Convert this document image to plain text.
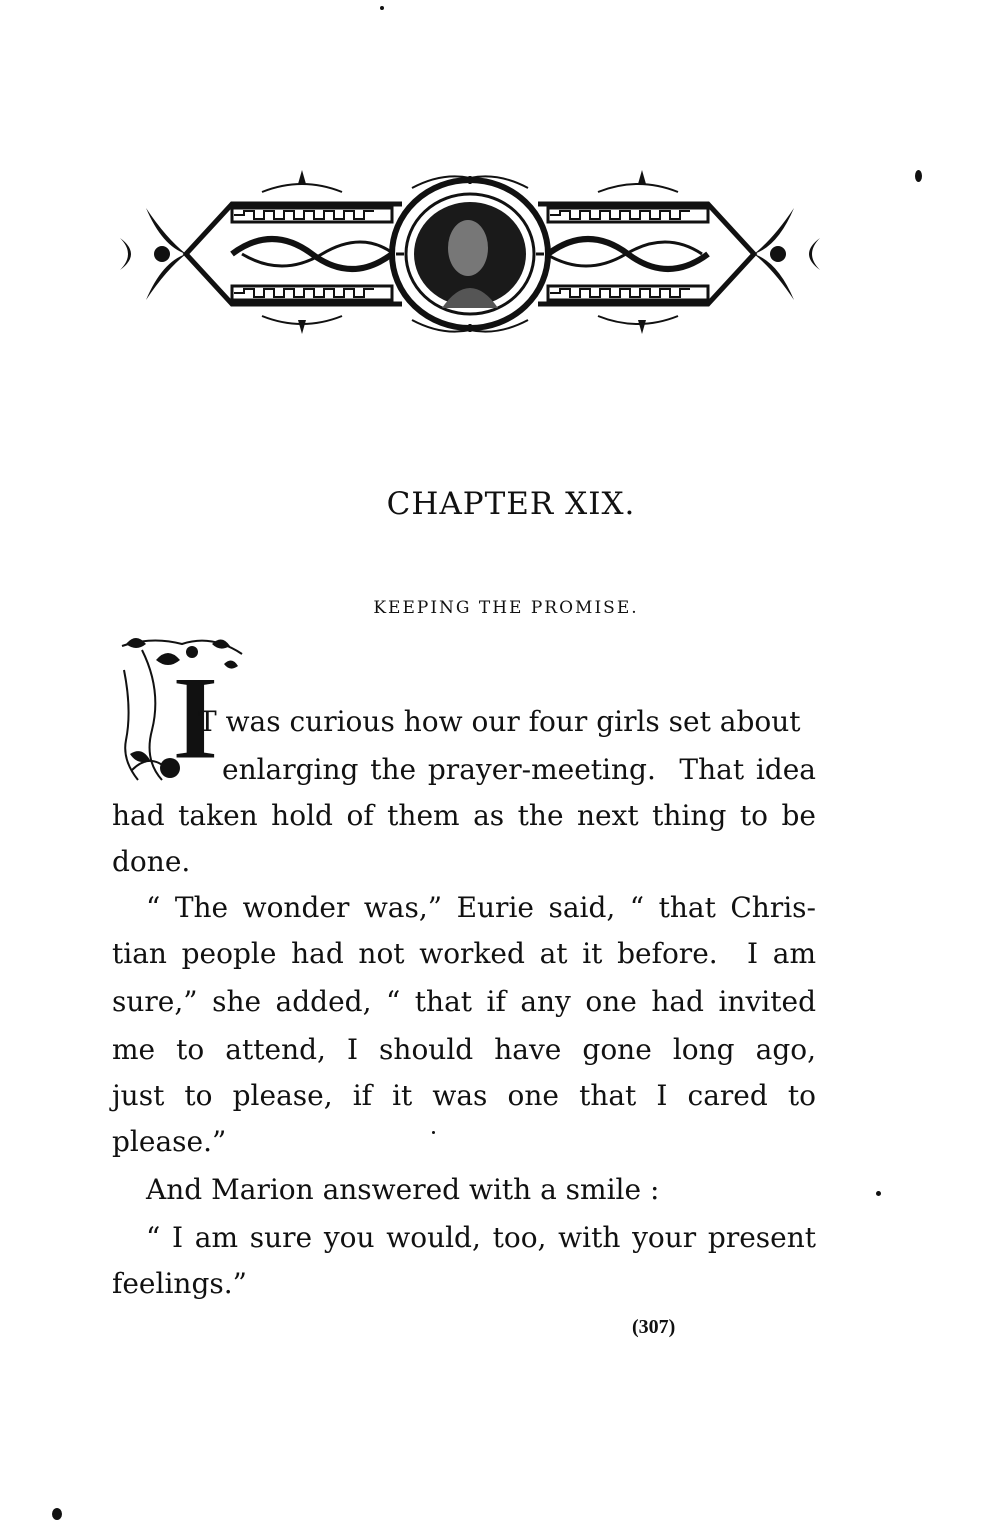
CHAPTER XIX.
KEEPING THE PROMISE.
I
T was curious how our four girls set about
enlarging the prayer-meeting.  That idea
had taken hold of them as the next thing to be
done.
“ The wonder was,” Eurie said, “ that Chris-
tian people had not worked at it before.  I am
sure,” she added, “ that if any one had invited
me to attend, I should have gone long ago,
just to please, if it was one that I cared to
please.”
And Marion answered with a smile :
“ I am sure you would, too, with your present
feelings.”
(307)
